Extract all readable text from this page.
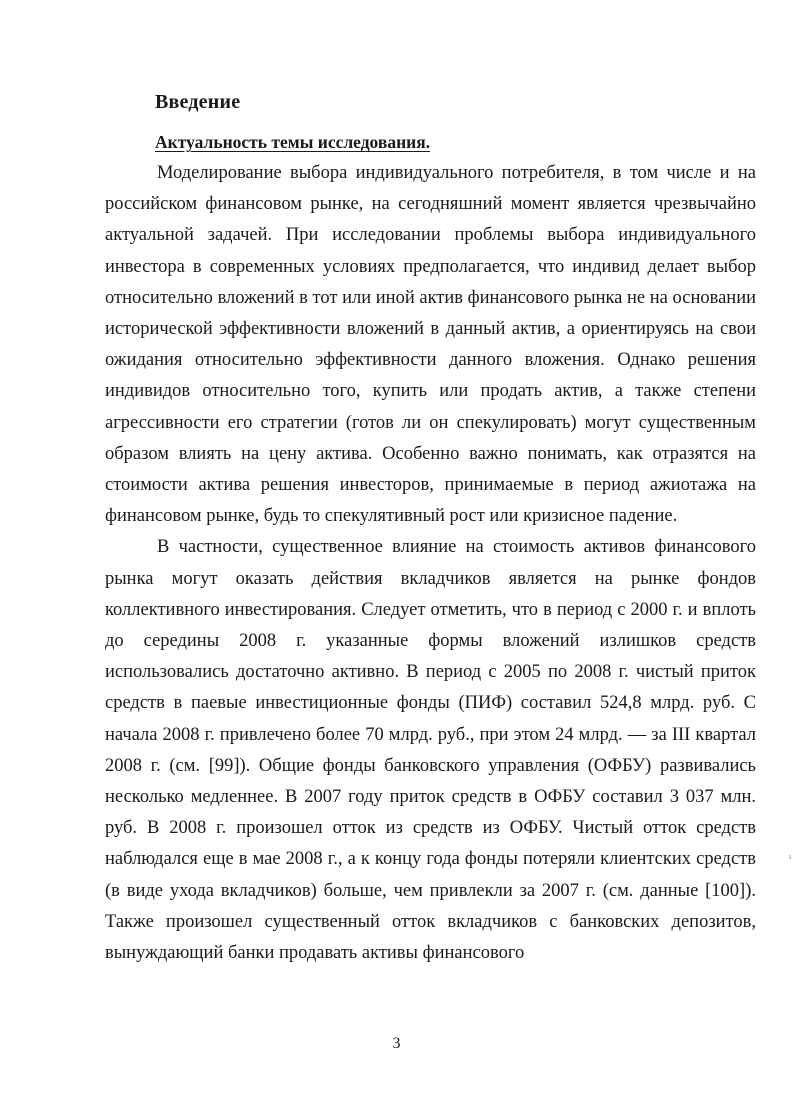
Введение
Актуальность темы исследования.

Моделирование выбора индивидуального потребителя, в том числе и на российском финансовом рынке, на сегодняшний момент является чрезвычайно актуальной задачей. При исследовании проблемы выбора индивидуального инвестора в современных условиях предполагается, что индивид делает выбор относительно вложений в тот или иной актив финансового рынка не на основании исторической эффективности вложений в данный актив, а ориентируясь на свои ожидания относительно эффективности данного вложения. Однако решения индивидов относительно того, купить или продать актив, а также степени агрессивности его стратегии (готов ли он спекулировать) могут существенным образом влиять на цену актива. Особенно важно понимать, как отразятся на стоимости актива решения инвесторов, принимаемые в период ажиотажа на финансовом рынке, будь то спекулятивный рост или кризисное падение.

В частности, существенное влияние на стоимость активов финансового рынка могут оказать действия вкладчиков является на рынке фондов коллективного инвестирования. Следует отметить, что в период с 2000 г. и вплоть до середины 2008 г. указанные формы вложений излишков средств использовались достаточно активно. В период с 2005 по 2008 г. чистый приток средств в паевые инвестиционные фонды (ПИФ) составил 524,8 млрд. руб. С начала 2008 г. привлечено более 70 млрд. руб., при этом 24 млрд. — за III квартал 2008 г. (см. [99]). Общие фонды банковского управления (ОФБУ) развивались несколько медленнее. В 2007 году приток средств в ОФБУ составил 3 037 млн. руб. В 2008 г. произошел отток из средств из ОФБУ. Чистый отток средств наблюдался еще в мае 2008 г., а к концу года фонды потеряли клиентских средств (в виде ухода вкладчиков) больше, чем привлекли за 2007 г. (см. данные [100]). Также произошел существенный отток вкладчиков с банковских депозитов, вынуждающий банки продавать активы финансового

ı
3
